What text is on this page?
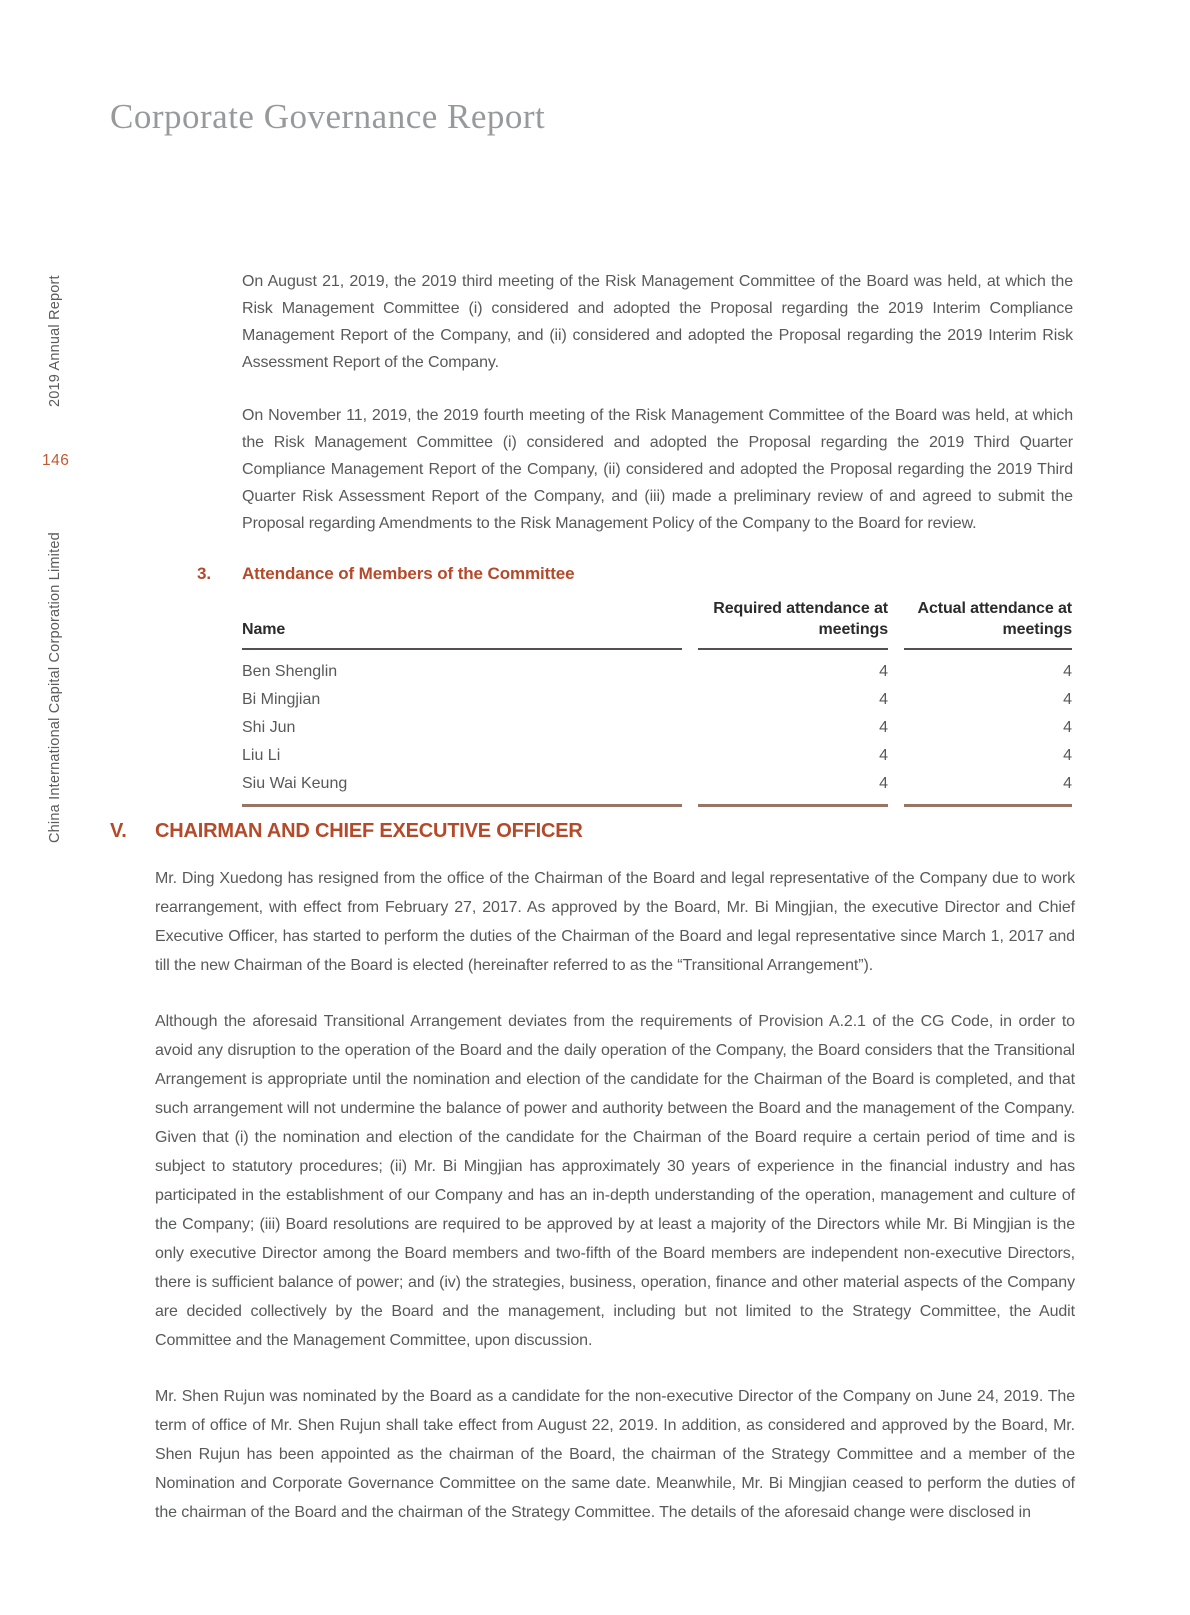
Corporate Governance Report
2019 Annual Report
146
China International Capital Corporation Limited

On August 21, 2019, the 2019 third meeting of the Risk Management Committee of the Board was held, at which the Risk Management Committee (i) considered and adopted the Proposal regarding the 2019 Interim Compliance Management Report of the Company, and (ii) considered and adopted the Proposal regarding the 2019 Interim Risk Assessment Report of the Company.

On November 11, 2019, the 2019 fourth meeting of the Risk Management Committee of the Board was held, at which the Risk Management Committee (i) considered and adopted the Proposal regarding the 2019 Third Quarter Compliance Management Report of the Company, (ii) considered and adopted the Proposal regarding the 2019 Third Quarter Risk Assessment Report of the Company, and (iii) made a preliminary review of and agreed to submit the Proposal regarding Amendments to the Risk Management Policy of the Company to the Board for review.

3.	Attendance of Members of the Committee
Name	Required attendance at meetings	Actual attendance at meetings
Ben Shenglin	4	4
Bi Mingjian	4	4
Shi Jun	4	4
Liu Li	4	4
Siu Wai Keung	4	4
V.	CHAIRMAN AND CHIEF EXECUTIVE OFFICER

Mr. Ding Xuedong has resigned from the office of the Chairman of the Board and legal representative of the Company due to work rearrangement, with effect from February 27, 2017. As approved by the Board, Mr. Bi Mingjian, the executive Director and Chief Executive Officer, has started to perform the duties of the Chairman of the Board and legal representative since March 1, 2017 and till the new Chairman of the Board is elected (hereinafter referred to as the “Transitional Arrangement”).

Although the aforesaid Transitional Arrangement deviates from the requirements of Provision A.2.1 of the CG Code, in order to avoid any disruption to the operation of the Board and the daily operation of the Company, the Board considers that the Transitional Arrangement is appropriate until the nomination and election of the candidate for the Chairman of the Board is completed, and that such arrangement will not undermine the balance of power and authority between the Board and the management of the Company. Given that (i) the nomination and election of the candidate for the Chairman of the Board require a certain period of time and is subject to statutory procedures; (ii) Mr. Bi Mingjian has approximately 30 years of experience in the financial industry and has participated in the establishment of our Company and has an in-depth understanding of the operation, management and culture of the Company; (iii) Board resolutions are required to be approved by at least a majority of the Directors while Mr. Bi Mingjian is the only executive Director among the Board members and two-fifth of the Board members are independent non-executive Directors, there is sufficient balance of power; and (iv) the strategies, business, operation, finance and other material aspects of the Company are decided collectively by the Board and the management, including but not limited to the Strategy Committee, the Audit Committee and the Management Committee, upon discussion.

Mr. Shen Rujun was nominated by the Board as a candidate for the non-executive Director of the Company on June 24, 2019. The term of office of Mr. Shen Rujun shall take effect from August 22, 2019. In addition, as considered and approved by the Board, Mr. Shen Rujun has been appointed as the chairman of the Board, the chairman of the Strategy Committee and a member of the Nomination and Corporate Governance Committee on the same date. Meanwhile, Mr. Bi Mingjian ceased to perform the duties of the chairman of the Board and the chairman of the Strategy Committee. The details of the aforesaid change were disclosed in
